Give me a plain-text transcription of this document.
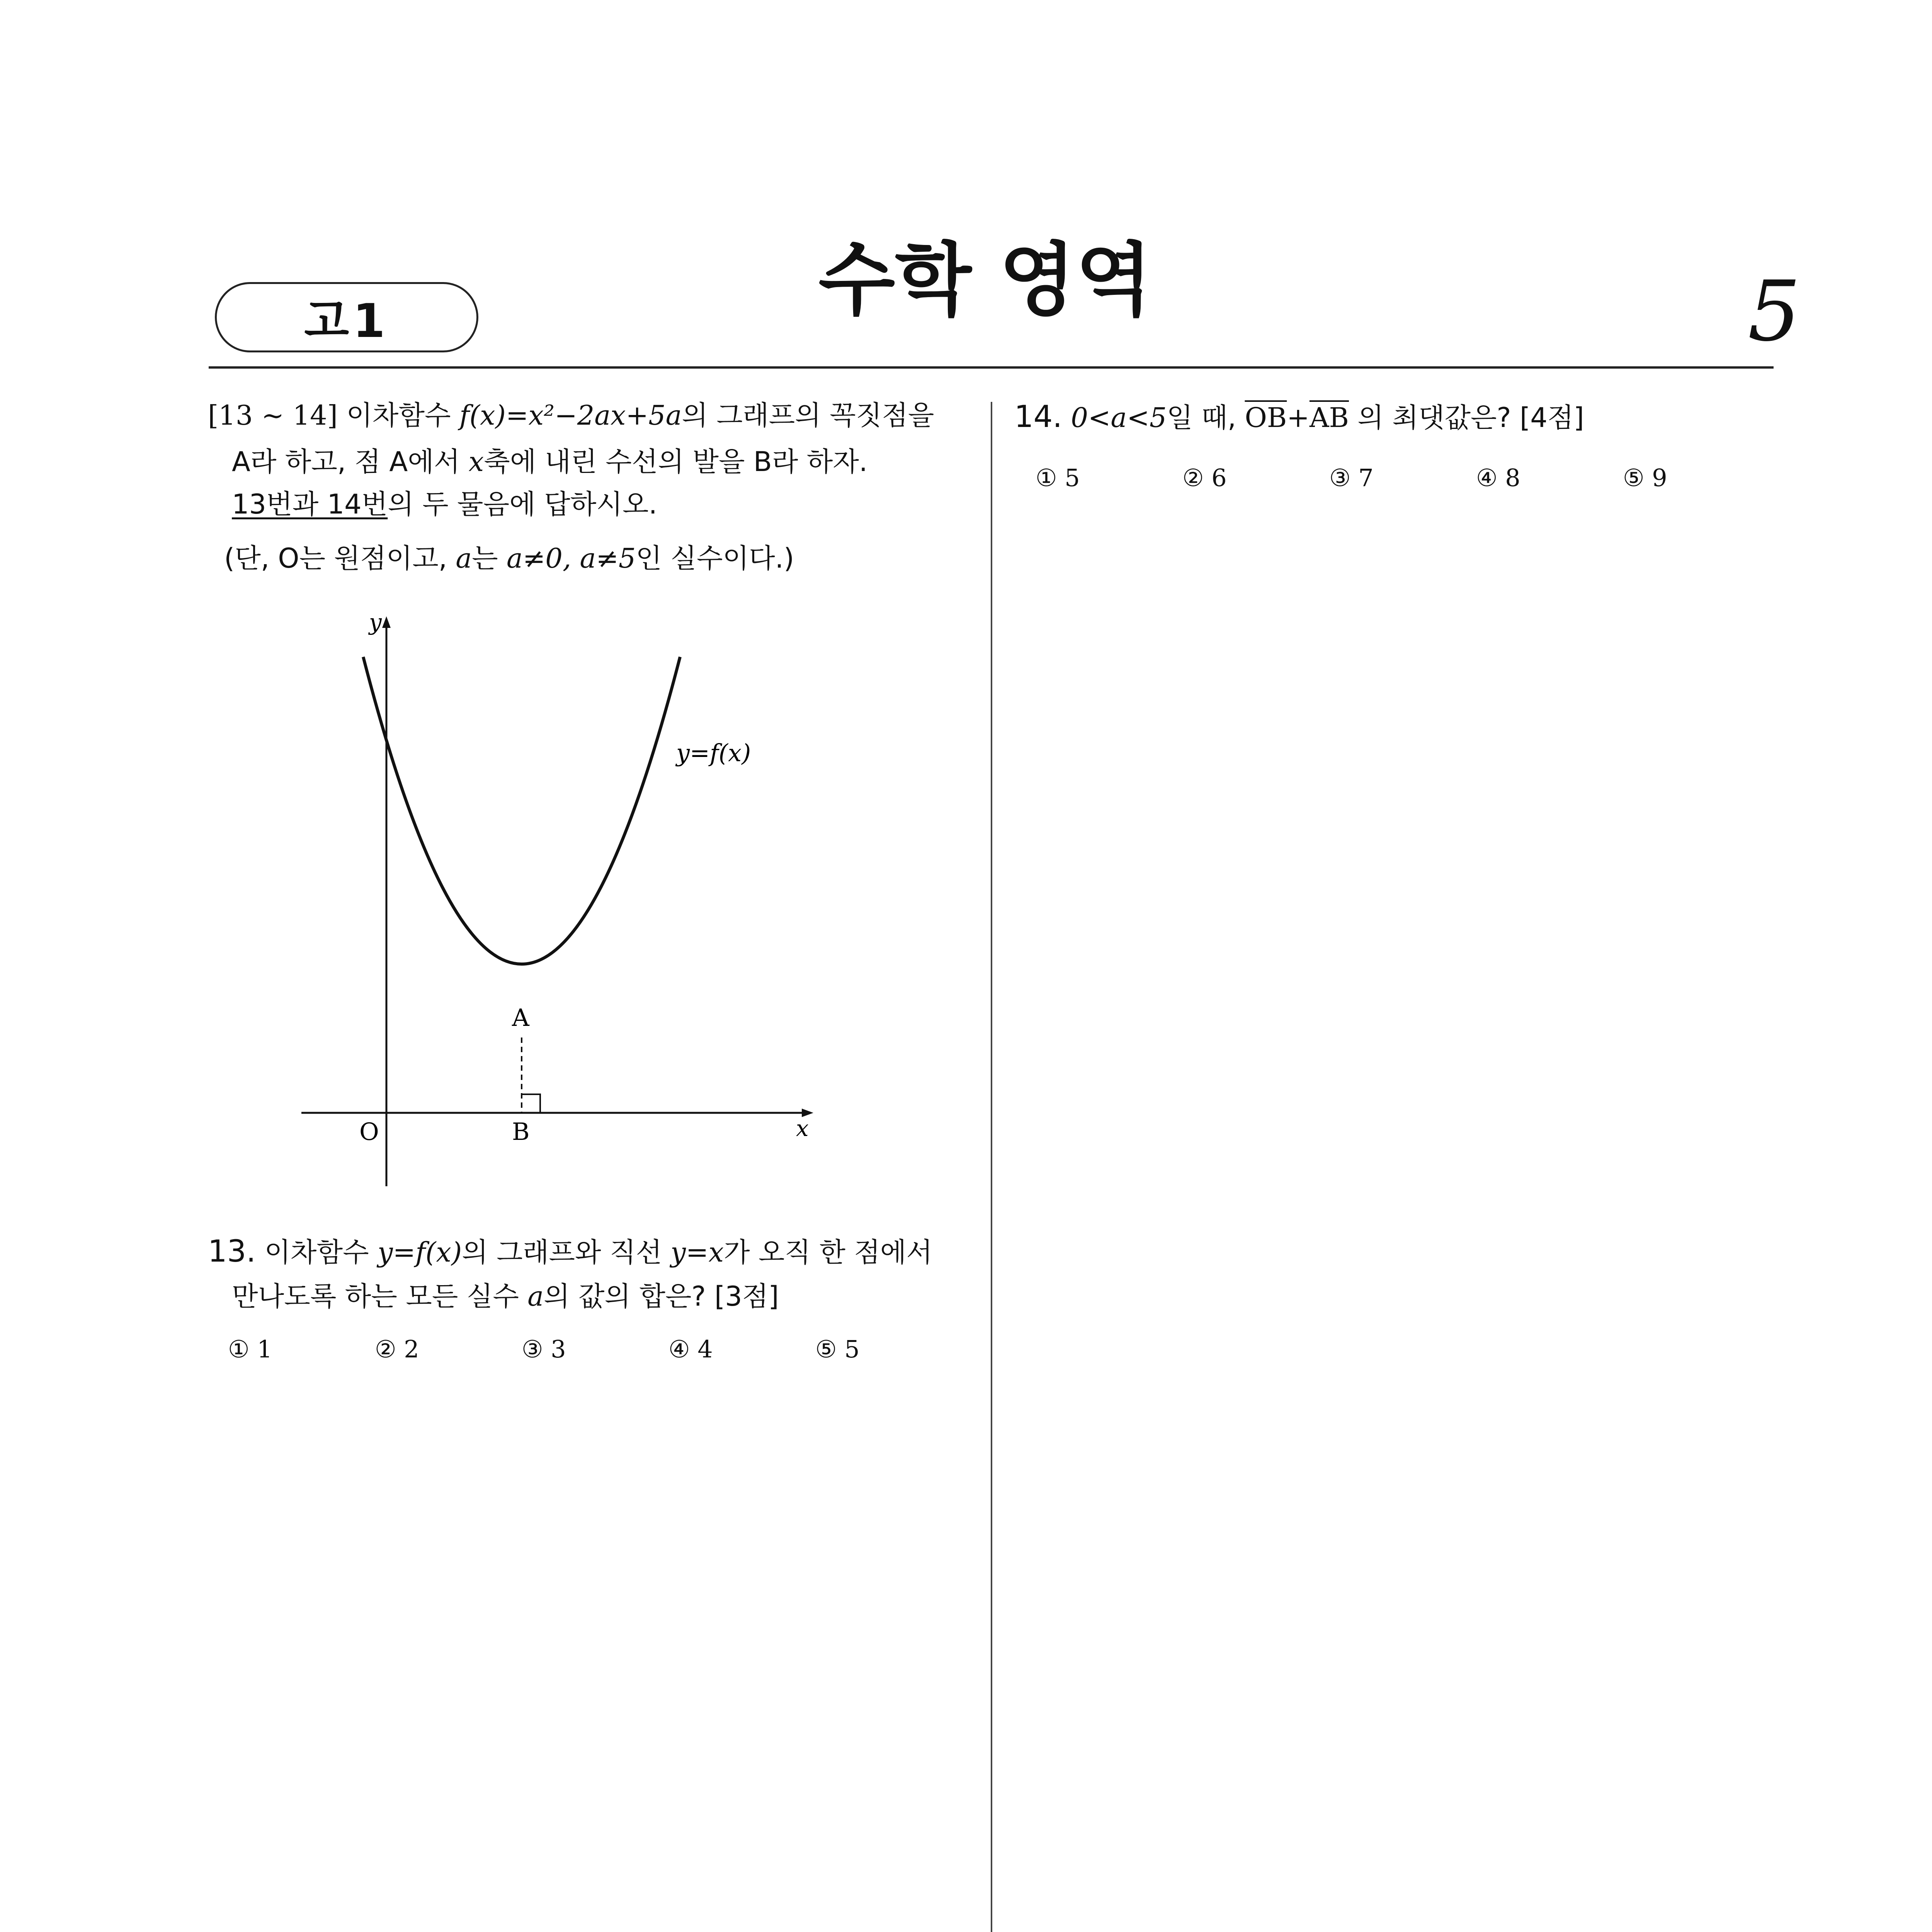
고1	수학 영역	5
[13 ~ 14] 이차함수 f(x)=x²−2ax+5a의 그래프의 꼭짓점을
A라 하고, 점 A에서 x축에 내린 수선의 발을 B라 하자.
13번과 14번의 두 물음에 답하시오.
(단, O는 원점이고, a는 a≠0, a≠5인 실수이다.)
y
x
O
A
B
y=f(x)
13. 이차함수 y=f(x)의 그래프와 직선 y=x가 오직 한 점에서
만나도록 하는 모든 실수 a의 값의 합은? [3점]
① 1	② 2	③ 3	④ 4	⑤ 5
14. 0<a<5일 때, $\overline{OB}+\overline{AB}$ 의 최댓값은? [4점]
① 5	② 6	③ 7	④ 8	⑤ 9
